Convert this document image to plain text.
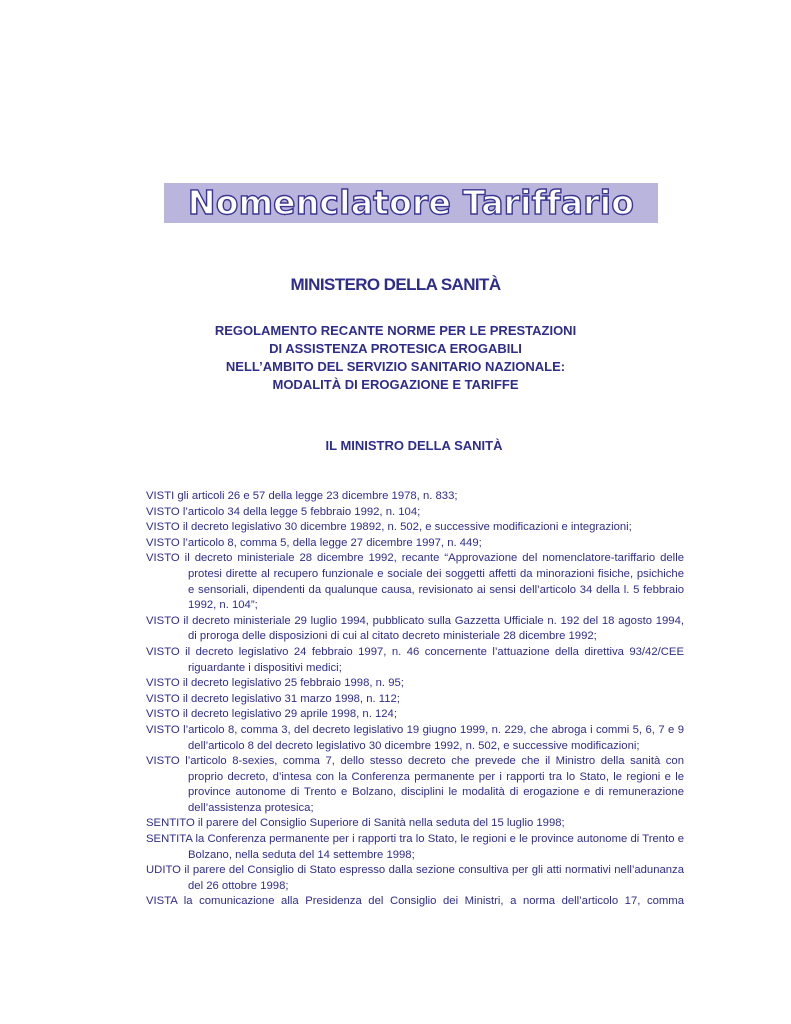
Nomenclatore Tariffario
MINISTERO DELLA SANITÀ
REGOLAMENTO RECANTE NORME PER LE PRESTAZIONI
DI ASSISTENZA PROTESICA EROGABILI
NELL’AMBITO DEL SERVIZIO SANITARIO NAZIONALE:
MODALITÀ DI EROGAZIONE E TARIFFE
IL MINISTRO DELLA SANITÀ
VISTI gli articoli 26 e 57 della legge 23 dicembre 1978, n. 833;
VISTO l’articolo 34 della legge 5 febbraio 1992, n. 104;
VISTO il decreto legislativo 30 dicembre 19892, n. 502, e successive modificazioni e integrazioni;
VISTO l’articolo 8, comma 5, della legge 27 dicembre 1997, n. 449;
VISTO il decreto ministeriale 28 dicembre 1992, recante “Approvazione del nomenclatore-tariffario delle protesi dirette al recupero funzionale e sociale dei soggetti affetti da minorazioni fisiche, psichiche e sensoriali, dipendenti da qualunque causa, revisionato ai sensi dell’articolo 34 della l. 5 febbraio 1992, n. 104”;
VISTO il decreto ministeriale 29 luglio 1994, pubblicato sulla Gazzetta Ufficiale n. 192 del 18 agosto 1994, di proroga delle disposizioni di cui al citato decreto ministeriale 28 dicembre 1992;
VISTO il decreto legislativo 24 febbraio 1997, n. 46 concernente l’attuazione della direttiva 93/42/CEE riguardante i dispositivi medici;
VISTO il decreto legislativo 25 febbraio 1998, n. 95;
VISTO il decreto legislativo 31 marzo 1998, n. 112;
VISTO il decreto legislativo 29 aprile 1998, n. 124;
VISTO l’articolo 8, comma 3, del decreto legislativo 19 giugno 1999, n. 229, che abroga i commi 5, 6, 7 e 9 dell’articolo 8 del decreto legislativo 30 dicembre 1992, n. 502, e successive modificazioni;
VISTO l’articolo 8-sexies, comma 7, dello stesso decreto che prevede che il Ministro della sanità con proprio decreto, d’intesa con la Conferenza permanente per i rapporti tra lo Stato, le regioni e le province autonome di Trento e Bolzano, disciplini le modalità di erogazione e di remunerazione dell’assistenza protesica;
SENTITO il parere del Consiglio Superiore di Sanità nella seduta del 15 luglio 1998;
SENTITA la Conferenza permanente per i rapporti tra lo Stato, le regioni e le province autonome di Trento e Bolzano, nella seduta del 14 settembre 1998;
UDITO il parere del Consiglio di Stato espresso dalla sezione consultiva per gli atti normativi nell’adunanza del 26 ottobre 1998;
VISTA la comunicazione alla Presidenza del Consiglio dei Ministri, a norma dell’articolo 17, comma
